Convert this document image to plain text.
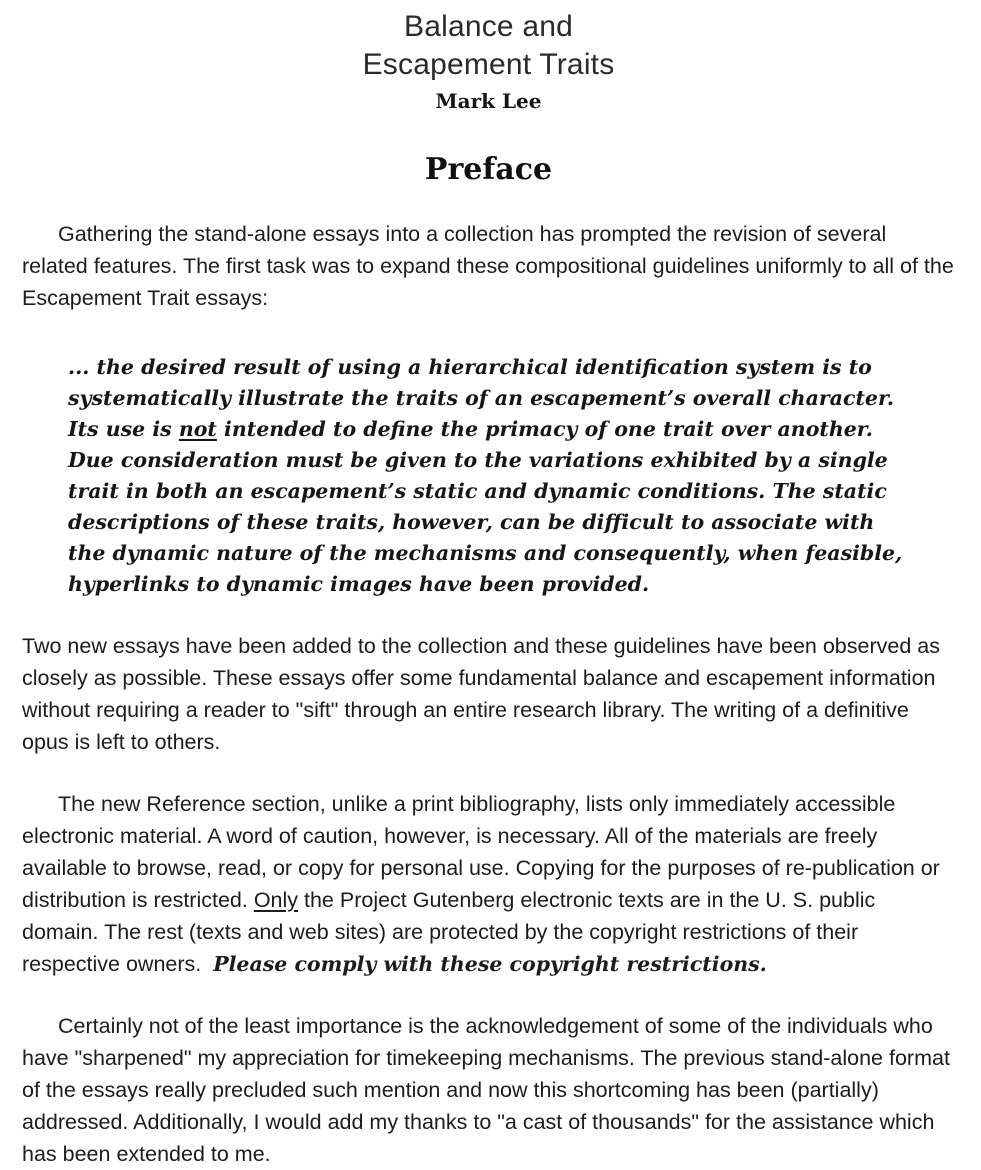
Balance and
Escapement Traits
Mark Lee
Preface

Gathering the stand-alone essays into a collection has prompted the revision of several related features. The first task was to expand these compositional guidelines uniformly to all of the Escapement Trait essays:

... the desired result of using a hierarchical identification system is to systematically illustrate the traits of an escapement’s overall character. Its use is not intended to define the primacy of one trait over another. Due consideration must be given to the variations exhibited by a single trait in both an escapement’s static and dynamic conditions. The static descriptions of these traits, however, can be difficult to associate with the dynamic nature of the mechanisms and consequently, when feasible, hyperlinks to dynamic images have been provided.

Two new essays have been added to the collection and these guidelines have been observed as closely as possible. These essays offer some fundamental balance and escapement information without requiring a reader to "sift" through an entire research library. The writing of a definitive opus is left to others.

The new Reference section, unlike a print bibliography, lists only immediately accessible electronic material. A word of caution, however, is necessary. All of the materials are freely available to browse, read, or copy for personal use. Copying for the purposes of re-publication or distribution is restricted. Only the Project Gutenberg electronic texts are in the U. S. public domain. The rest (texts and web sites) are protected by the copyright restrictions of their respective owners.  Please comply with these copyright restrictions.

Certainly not of the least importance is the acknowledgement of some of the individuals who have "sharpened" my appreciation for timekeeping mechanisms. The previous stand-alone format of the essays really precluded such mention and now this shortcoming has been (partially) addressed. Additionally, I would add my thanks to "a cast of thousands" for the assistance which has been extended to me.
